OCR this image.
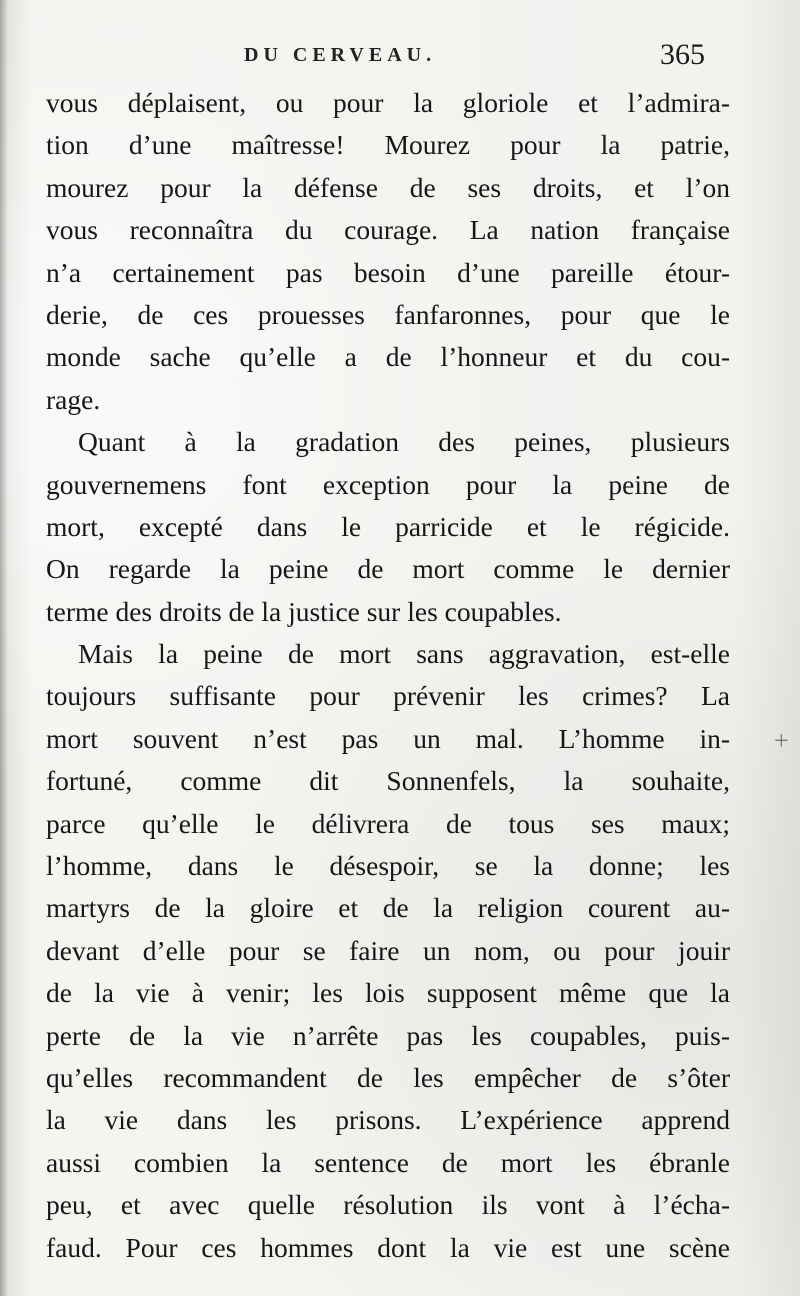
DU CERVEAU.	365
vous déplaisent, ou pour la gloriole et l’admira-
tion d’une maîtresse! Mourez pour la patrie,
mourez pour la défense de ses droits, et l’on
vous reconnaîtra du courage. La nation française
n’a certainement pas besoin d’une pareille étour-
derie, de ces prouesses fanfaronnes, pour que le
monde sache qu’elle a de l’honneur et du cou-
rage.
Quant à la gradation des peines, plusieurs
gouvernemens font exception pour la peine de
mort, excepté dans le parricide et le régicide.
On regarde la peine de mort comme le dernier
terme des droits de la justice sur les coupables.
Mais la peine de mort sans aggravation, est-elle
toujours suffisante pour prévenir les crimes? La
mort souvent n’est pas un mal. L’homme in-
fortuné, comme dit Sonnenfels, la souhaite,
parce qu’elle le délivrera de tous ses maux;
l’homme, dans le désespoir, se la donne; les
martyrs de la gloire et de la religion courent au-
devant d’elle pour se faire un nom, ou pour jouir
de la vie à venir; les lois supposent même que la
perte de la vie n’arrête pas les coupables, puis-
qu’elles recommandent de les empêcher de s’ôter
la vie dans les prisons. L’expérience apprend
aussi combien la sentence de mort les ébranle
peu, et avec quelle résolution ils vont à l’écha-
faud. Pour ces hommes dont la vie est une scène
+
